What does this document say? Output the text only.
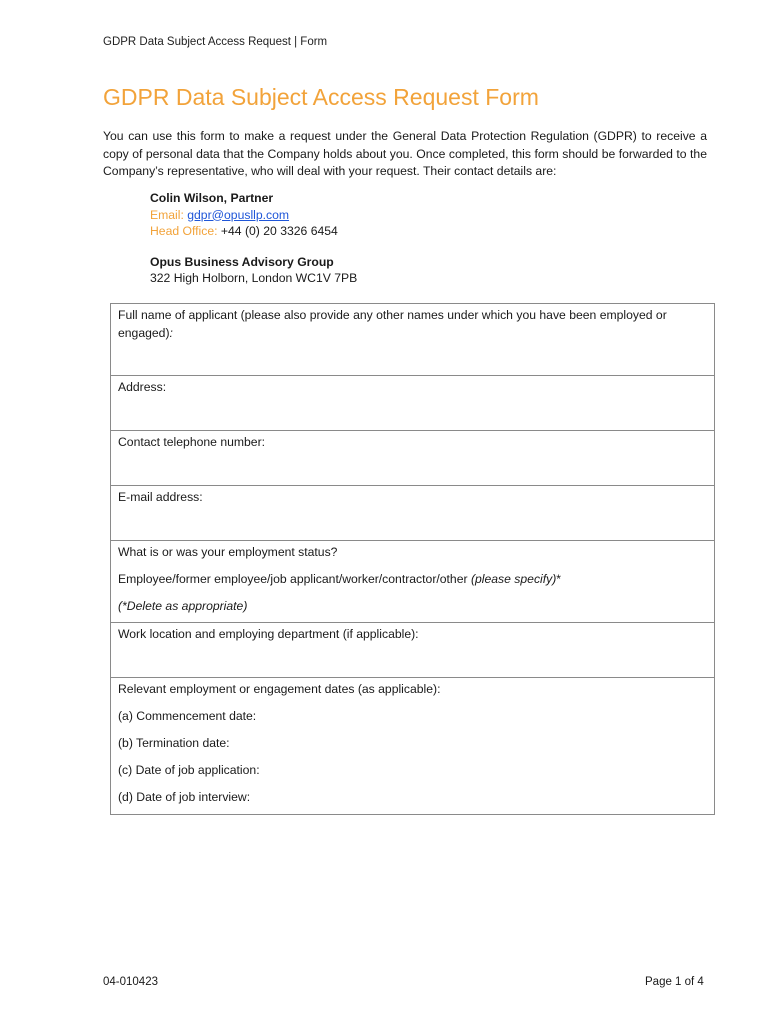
GDPR Data Subject Access Request | Form
GDPR Data Subject Access Request Form

You can use this form to make a request under the General Data Protection Regulation (GDPR) to receive a copy of personal data that the Company holds about you. Once completed, this form should be forwarded to the Company’s representative, who will deal with your request. Their contact details are:

Colin Wilson, Partner
Email: gdpr@opusllp.com
Head Office: +44 (0) 20 3326 6454
Opus Business Advisory Group
322 High Holborn, London WC1V 7PB
Full name of applicant (please also provide any other names under which you have been employed or engaged):
Address:
Contact telephone number:
E-mail address:

What is or was your employment status?

Employee/former employee/job applicant/worker/contractor/other (please specify)*

(*Delete as appropriate)

Work location and employing department (if applicable):

Relevant employment or engagement dates (as applicable):

(a) Commencement date:

(b) Termination date:

(c) Date of job application:

(d) Date of job interview:

04-010423	Page 1 of 4
